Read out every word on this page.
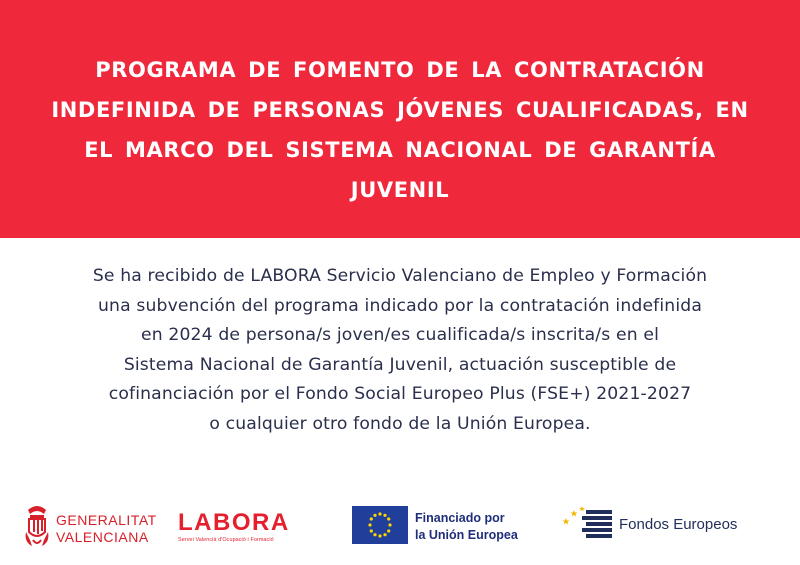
PROGRAMA DE FOMENTO DE LA CONTRATACIÓN INDEFINIDA DE PERSONAS JÓVENES CUALIFICADAS, EN EL MARCO DEL SISTEMA NACIONAL DE GARANTÍA JUVENIL

Se ha recibido de LABORA Servicio Valenciano de Empleo y Formación

una subvención del programa indicado por la contratación indefinida

en 2024 de persona/s joven/es cualificada/s inscrita/s en el

Sistema Nacional de Garantía Juvenil, actuación susceptible de

cofinanciación por el Fondo Social Europeo Plus (FSE+) 2021-2027

o cualquier otro fondo de la Unión Europea.

GENERALITAT
VALENCIANA
LABORA
Servei Valencià d'Ocupació i Formació
Financiado por
la Unión Europea
Fondos Europeos
